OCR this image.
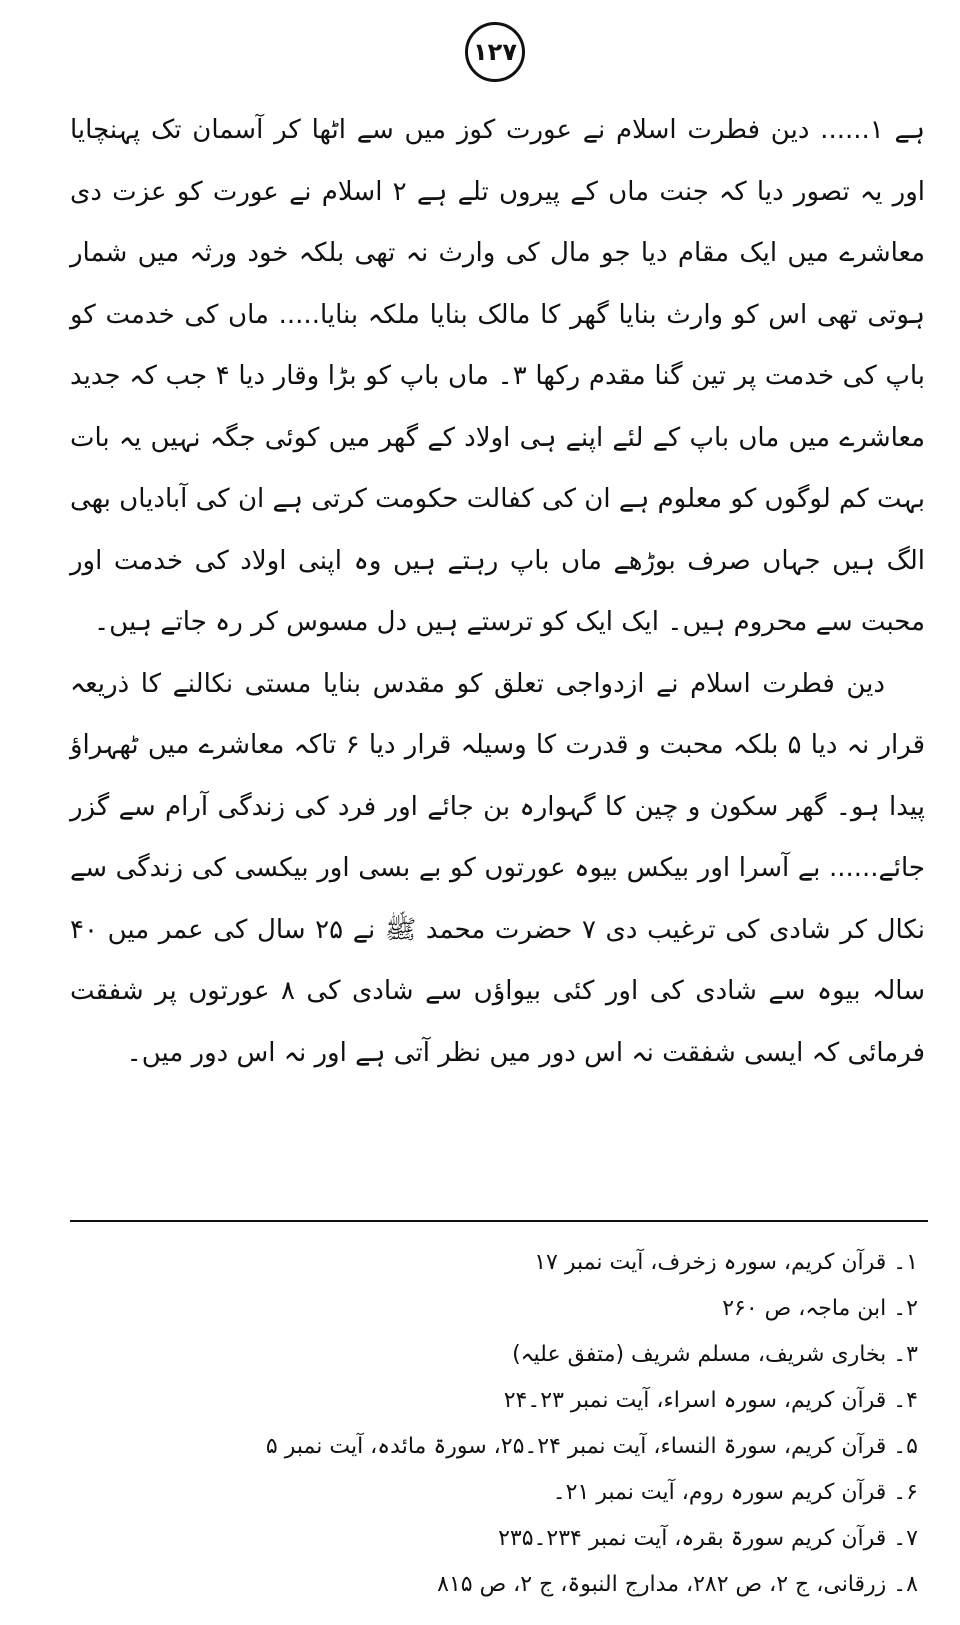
۱۲۷

ہے ۱...... دین فطرت اسلام نے عورت کوز میں سے اٹھا کر آسمان تک پہنچایا اور یہ تصور دیا کہ جنت ماں کے پیروں تلے ہے ۲ اسلام نے عورت کو عزت دی معاشرے میں ایک مقام دیا جو مال کی وارث نہ تھی بلکہ خود ورثہ میں شمار ہوتی تھی اس کو وارث بنایا گھر کا مالک بنایا ملکہ بنایا..... ماں کی خدمت کو باپ کی خدمت پر تین گنا مقدم رکھا ۳۔ ماں باپ کو بڑا وقار دیا ۴ جب کہ جدید معاشرے میں ماں باپ کے لئے اپنے ہی اولاد کے گھر میں کوئی جگہ نہیں یہ بات بہت کم لوگوں کو معلوم ہے ان کی کفالت حکومت کرتی ہے ان کی آبادیاں بھی الگ ہیں جہاں صرف بوڑھے ماں باپ رہتے ہیں وہ اپنی اولاد کی خدمت اور محبت سے محروم ہیں۔ ایک ایک کو ترستے ہیں دل مسوس کر رہ جاتے ہیں۔

دین فطرت اسلام نے ازدواجی تعلق کو مقدس بنایا مستی نکالنے کا ذریعہ قرار نہ دیا ۵ بلکہ محبت و قدرت کا وسیلہ قرار دیا ۶ تاکہ معاشرے میں ٹھہراؤ پیدا ہو۔ گھر سکون و چین کا گہوارہ بن جائے اور فرد کی زندگی آرام سے گزر جائے...... بے آسرا اور بیکس بیوہ عورتوں کو بے بسی اور بیکسی کی زندگی سے نکال کر شادی کی ترغیب دی ۷ حضرت محمد ﷺ نے ۲۵ سال کی عمر میں ۴۰ سالہ بیوہ سے شادی کی اور کئی بیواؤں سے شادی کی ۸ عورتوں پر شفقت فرمائی کہ ایسی شفقت نہ اس دور میں نظر آتی ہے اور نہ اس دور میں۔

۱۔ قرآن کریم، سورہ زخرف، آیت نمبر ۱۷
۲۔ ابن ماجہ، ص ۲۶۰
۳۔ بخاری شریف، مسلم شریف (متفق علیہ)
۴۔ قرآن کریم، سورہ اسراء، آیت نمبر ۲۳۔۲۴
۵۔ قرآن کریم، سورۃ النساء، آیت نمبر ۲۴۔۲۵، سورۃ مائدہ، آیت نمبر ۵
۶۔ قرآن کریم سورہ روم، آیت نمبر ۲۱۔
۷۔ قرآن کریم سورۃ بقرہ، آیت نمبر ۲۳۴۔۲۳۵
۸۔ زرقانی، ج ۲، ص ۲۸۲، مدارج النبوۃ، ج ۲، ص ۸۱۵
